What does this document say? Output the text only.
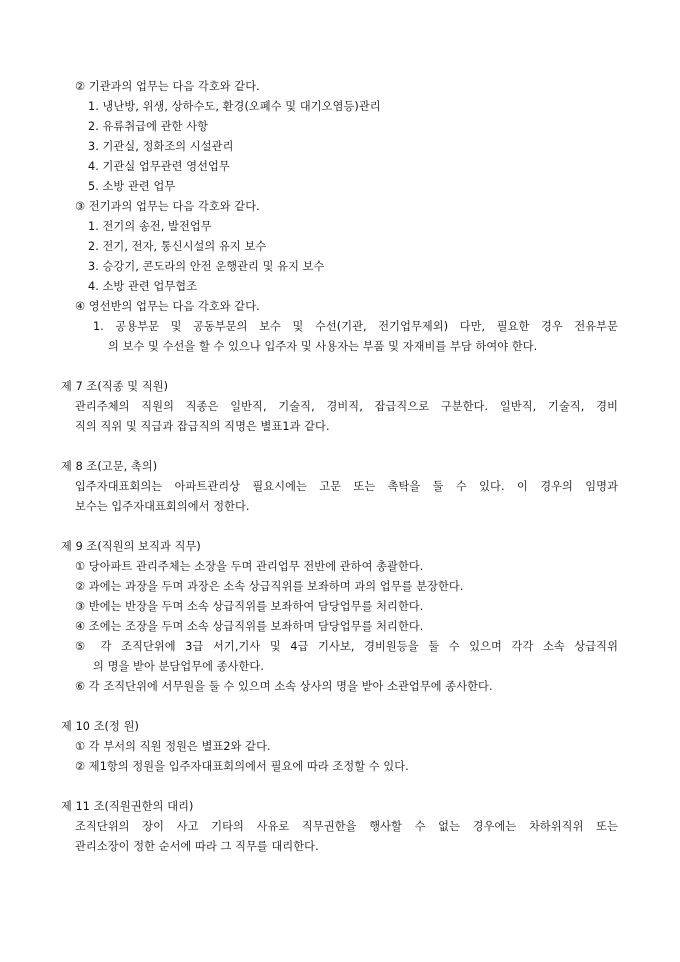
② 기관과의 업무는 다음 각호와 같다.
1. 냉난방, 위생, 상하수도, 환경(오폐수 및 대기오염등)관리
2. 유류취급에 관한 사항
3. 기관실, 정화조의 시설관리
4. 기관실 업무관련 영선업무
5. 소방 관련 업무
③ 전기과의 업무는 다음 각호와 같다.
1. 전기의 송전, 발전업무
2. 전기, 전자, 통신시설의 유지 보수
3. 승강기, 콘도라의 안전 운행관리 및 유지 보수
4. 소방 관련 업무협조
④ 영선반의 업무는 다음 각호와 같다.
1. 공용부문 및 공동부문의 보수 및 수선(기관, 전기업무제외) 다만, 필요한 경우 전유부문
의 보수 및 수선을 할 수 있으나 입주자 및 사용자는 부품 및 자재비를 부담 하여야 한다.
제 7 조(직종 및 직원)
관리주체의 직원의 직종은 일반직, 기술직, 경비직, 잡급직으로 구분한다. 일반직, 기술직, 경비
직의 직위 및 직급과 잡급직의 직명은 별표1과 같다.
제 8 조(고문, 촉의)
입주자대표회의는 아파트관리상 필요시에는 고문 또는 촉탁을 둘 수 있다. 이 경우의 임명과
보수는 입주자대표회의에서 정한다.
제 9 조(직원의 보직과 직무)
① 당아파트 관리주체는 소장을 두며 관리업무 전반에 관하여 총괄한다.
② 과에는 과장을 두며 과장은 소속 상급직위를 보좌하며 과의 업무를 분장한다.
③ 반에는 반장을 두며 소속 상급직위를 보좌하여 담당업무를 처리한다.
④ 조에는 조장을 두며 소속 상급직위를 보좌하며 담당업무를 처리한다.
⑤ 각 조직단위에 3급 서기,기사 및 4급 기사보, 경비원등을 둘 수 있으며 각각 소속 상급직위
의 명을 받아 분담업무에 종사한다.
⑥ 각 조직단위에 서무원을 둘 수 있으며 소속 상사의 명을 받아 소관업무에 종사한다.
제 10 조(정 원)
① 각 부서의 직원 정원은 별표2와 같다.
② 제1항의 정원을 입주자대표회의에서 필요에 따라 조정할 수 있다.
제 11 조(직원권한의 대리)
조직단위의 장이 사고 기타의 사유로 직무권한을 행사할 수 없는 경우에는 차하위직위 또는
관리소장이 정한 순서에 따라 그 직무를 대리한다.
